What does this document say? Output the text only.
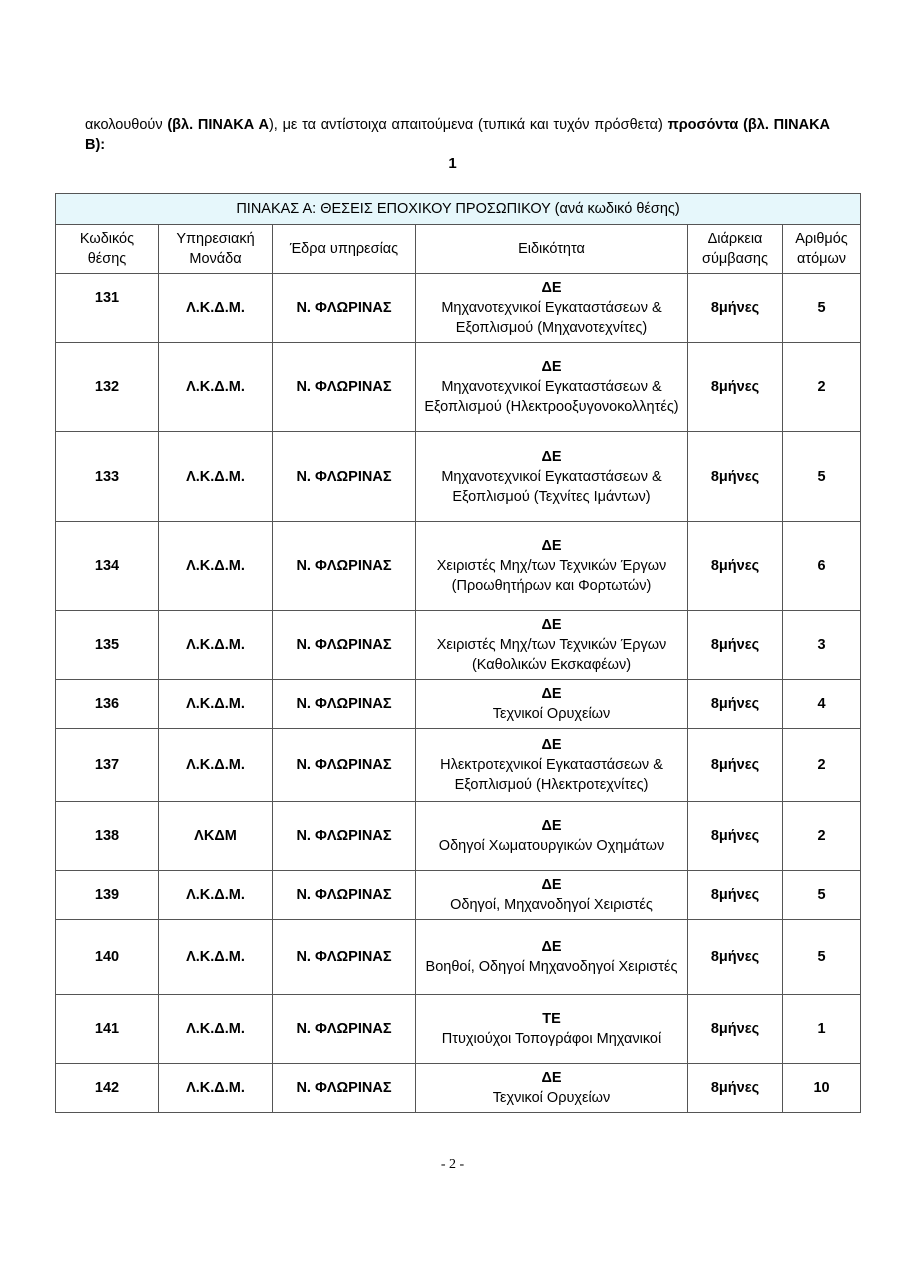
ακολουθούν (βλ. ΠΙΝΑΚΑ Α), με τα αντίστοιχα απαιτούμενα (τυπικά και τυχόν πρόσθετα) προσόντα (βλ. ΠΙΝΑΚΑ Β):
1
ΠΙΝΑΚΑΣ Α: ΘΕΣΕΙΣ ΕΠΟΧΙΚΟΥ ΠΡΟΣΩΠΙΚΟΥ (ανά κωδικό θέσης)					
Κωδικός θέσης	Υπηρεσιακή Μονάδα	Έδρα υπηρεσίας	Ειδικότητα	Διάρκεια σύμβασης	Αριθμός ατόμων
131	Λ.Κ.Δ.Μ.	Ν. ΦΛΩΡΙΝΑΣ	ΔΕ
Μηχανοτεχνικοί Εγκαταστάσεων & Εξοπλισμού (Μηχανοτεχνίτες)	8μήνες	5
132	Λ.Κ.Δ.Μ.	Ν. ΦΛΩΡΙΝΑΣ	ΔΕ
Μηχανοτεχνικοί Εγκαταστάσεων & Εξοπλισμού (Ηλεκτροοξυγονοκολλητές)	8μήνες	2
133	Λ.Κ.Δ.Μ.	Ν. ΦΛΩΡΙΝΑΣ	ΔΕ
Μηχανοτεχνικοί Εγκαταστάσεων & Εξοπλισμού (Τεχνίτες Ιμάντων)	8μήνες	5
134	Λ.Κ.Δ.Μ.	Ν. ΦΛΩΡΙΝΑΣ	ΔΕ
Χειριστές Μηχ/των Τεχνικών Έργων (Προωθητήρων και Φορτωτών)	8μήνες	6
135	Λ.Κ.Δ.Μ.	Ν. ΦΛΩΡΙΝΑΣ	ΔΕ
Χειριστές Μηχ/των Τεχνικών Έργων (Καθολικών Εκσκαφέων)	8μήνες	3
136	Λ.Κ.Δ.Μ.	Ν. ΦΛΩΡΙΝΑΣ	ΔΕ
Τεχνικοί Ορυχείων	8μήνες	4
137	Λ.Κ.Δ.Μ.	Ν. ΦΛΩΡΙΝΑΣ	ΔΕ
Ηλεκτροτεχνικοί Εγκαταστάσεων & Εξοπλισμού (Ηλεκτροτεχνίτες)	8μήνες	2
138	ΛΚΔΜ	Ν. ΦΛΩΡΙΝΑΣ	ΔΕ
Οδηγοί Χωματουργικών Οχημάτων	8μήνες	2
139	Λ.Κ.Δ.Μ.	Ν. ΦΛΩΡΙΝΑΣ	ΔΕ
Οδηγοί, Μηχανοδηγοί Χειριστές	8μήνες	5
140	Λ.Κ.Δ.Μ.	Ν. ΦΛΩΡΙΝΑΣ	ΔΕ
Βοηθοί, Οδηγοί Μηχανοδηγοί Χειριστές	8μήνες	5
141	Λ.Κ.Δ.Μ.	Ν. ΦΛΩΡΙΝΑΣ	ΤΕ
Πτυχιούχοι Τοπογράφοι Μηχανικοί	8μήνες	1
142	Λ.Κ.Δ.Μ.	Ν. ΦΛΩΡΙΝΑΣ	ΔΕ
Τεχνικοί Ορυχείων	8μήνες	10
- 2 -
